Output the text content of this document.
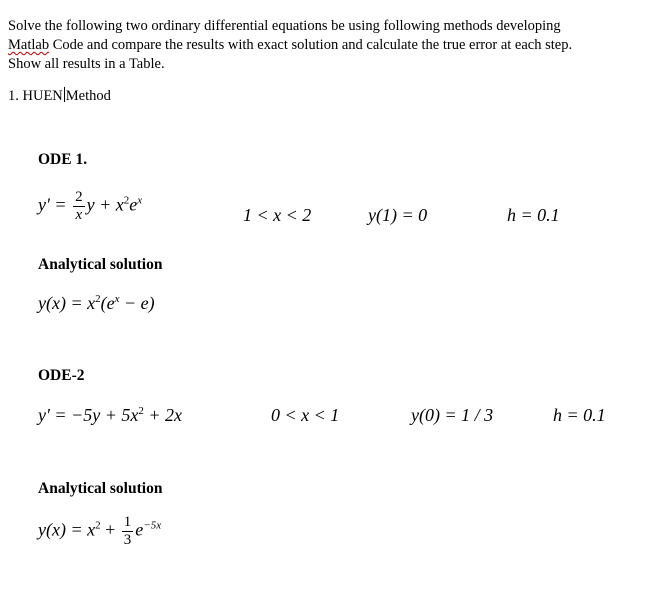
Solve the following two ordinary differential equations be using following methods developing
Matlab Code and compare the results with exact solution and calculate the true error at each step.
Show all results in a Table.
1. HUEN Method
ODE 1.
$y' = \frac{2}{x}$ $y + x^2e^x$
1 < x < 2	y(1) = 0	h = 0.1
Analytical solution
$y(x) = x^2(e^x - e)$
ODE-2
$y' = -5y + 5x^2 + 2x$	0 < x < 1	y(0) = 1 / 3	h = 0.1
Analytical solution
$y(x) = x^2 + \frac{1}{3} e^{-5x}$
